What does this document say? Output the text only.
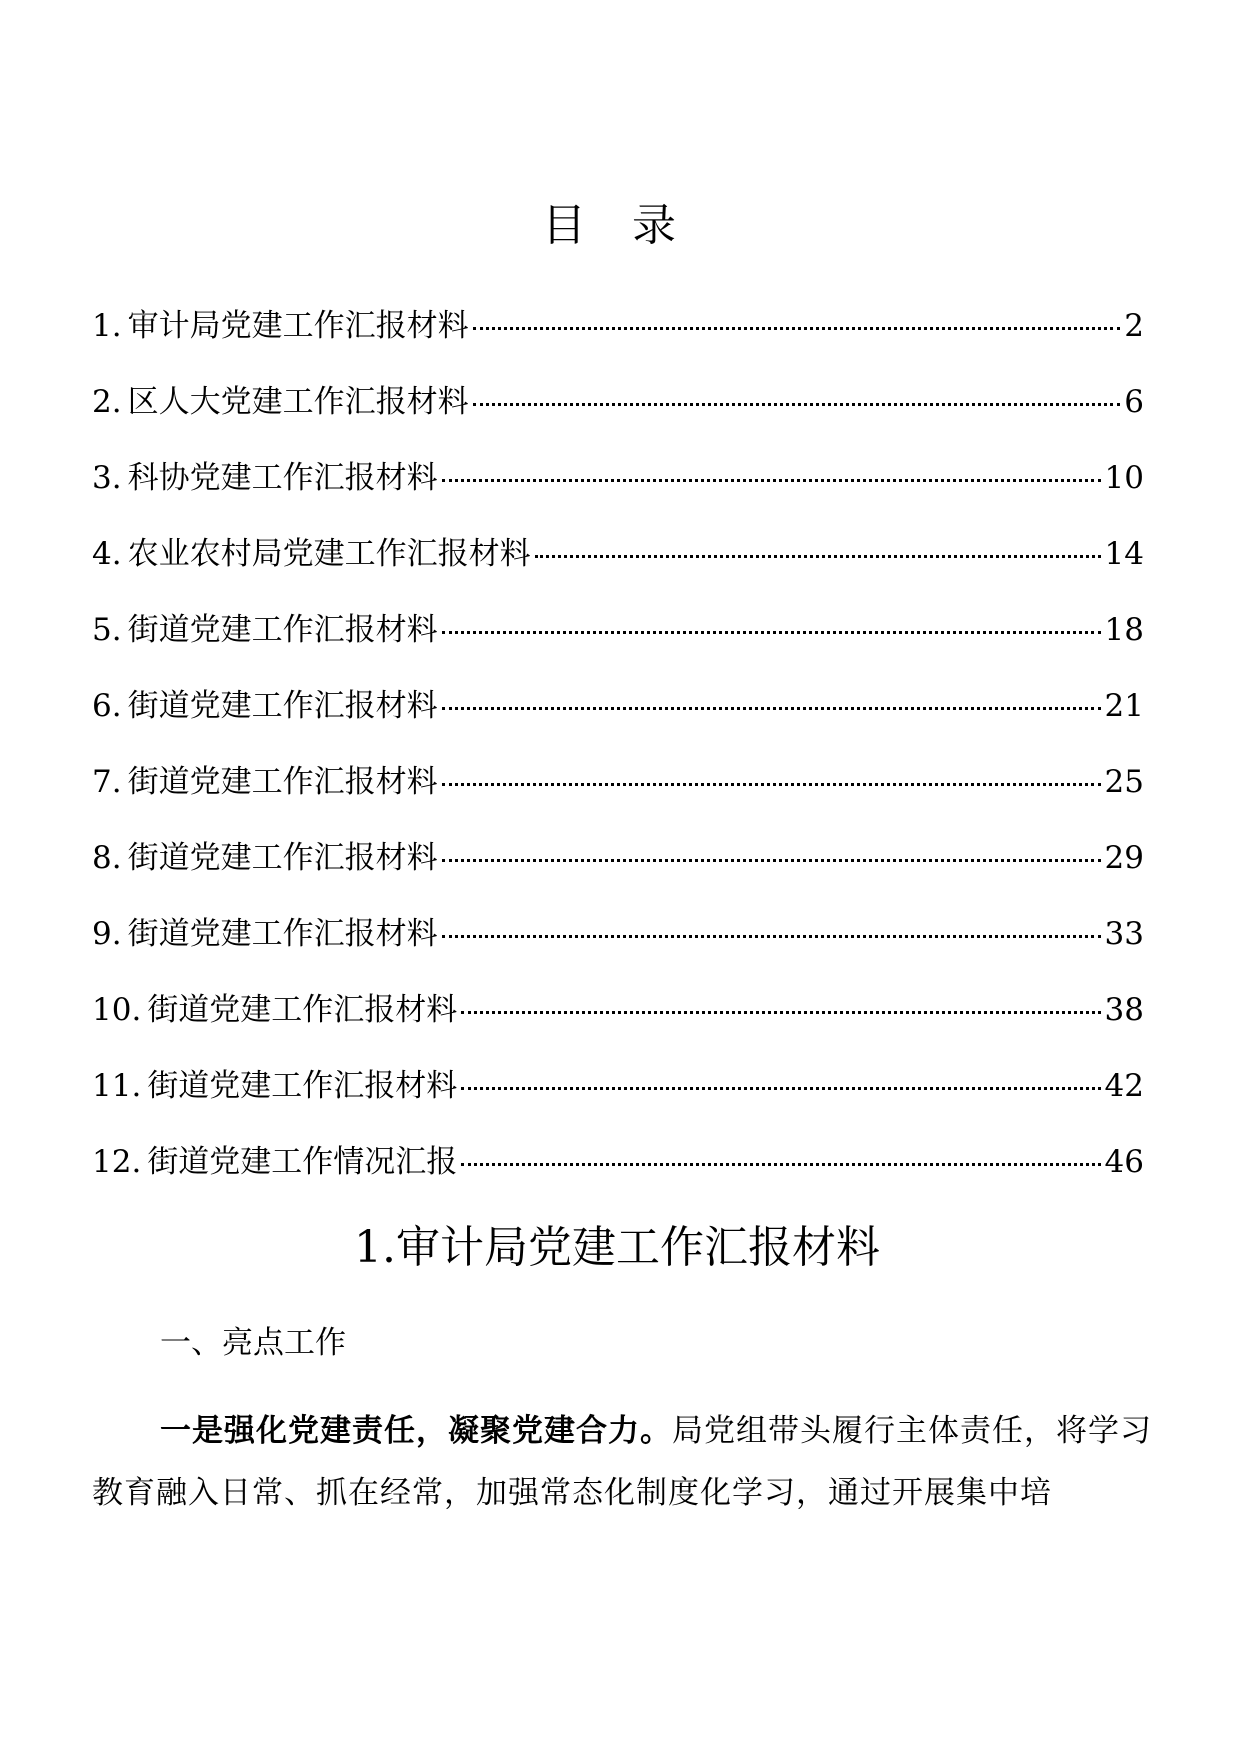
目 录
1. 审计局党建工作汇报材料	2
2. 区人大党建工作汇报材料	6
3. 科协党建工作汇报材料	10
4. 农业农村局党建工作汇报材料	14
5. 街道党建工作汇报材料	18
6. 街道党建工作汇报材料	21
7. 街道党建工作汇报材料	25
8. 街道党建工作汇报材料	29
9. 街道党建工作汇报材料	33
10. 街道党建工作汇报材料	38
11. 街道党建工作汇报材料	42
12. 街道党建工作情况汇报	46
1.审计局党建工作汇报材料
一、亮点工作

一是强化党建责任，凝聚党建合力。局党组带头履行主体责任，将学习教育融入日常、抓在经常，加强常态化制度化学习，通过开展集中培
